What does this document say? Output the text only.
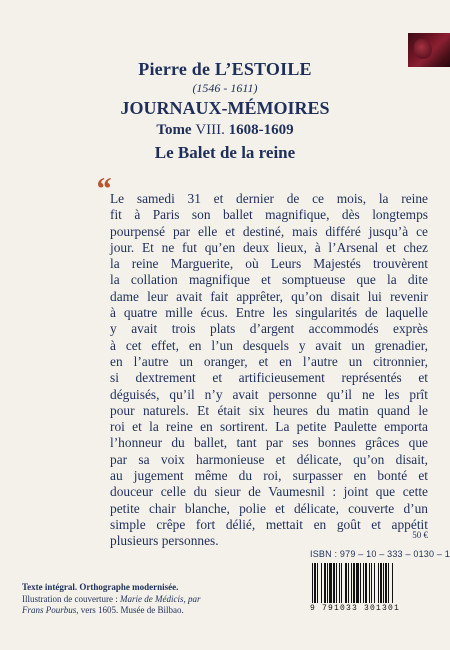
Pierre de L’ESTOILE
(1546 - 1611)
JOURNAUX-MÉMOIRES
Tome VIII. 1608-1609
Le Balet de la reine
“ Le samedi 31 et dernier de ce mois, la reine
fit à Paris son ballet magnifique, dès longtemps
pourpensé par elle et destiné, mais différé jusqu’à ce
jour. Et ne fut qu’en deux lieux, à l’Arsenal et chez
la reine Marguerite, où Leurs Majestés trouvèrent
la collation magnifique et somptueuse que la dite
dame leur avait fait apprêter, qu’on disait lui revenir
à quatre mille écus. Entre les singularités de laquelle
y avait trois plats d’argent accommodés exprès
à cet effet, en l’un desquels y avait un grenadier,
en l’autre un oranger, et en l’autre un citronnier,
si dextrement et artificieusement représentés et
déguisés, qu’il n’y avait personne qu’il ne les prît
pour naturels. Et était six heures du matin quand le
roi et la reine en sortirent. La petite Paulette emporta
l’honneur du ballet, tant par ses bonnes grâces que
par sa voix harmonieuse et délicate, qu’on disait,
au jugement même du roi, surpasser en bonté et
douceur celle du sieur de Vaumesnil : joint que cette
petite chair blanche, polie et délicate, couverte d’un
simple crêpe fort délié, mettait en goût et appétit
plusieurs personnes.	50 €
ISBN : 979 – 10 – 333 – 0130 – 1
9 791033 301301
Texte intégral. Orthographe modernisée.
Illustration de couverture : Marie de Médicis, par
Frans Pourbus, vers 1605. Musée de Bilbao.
